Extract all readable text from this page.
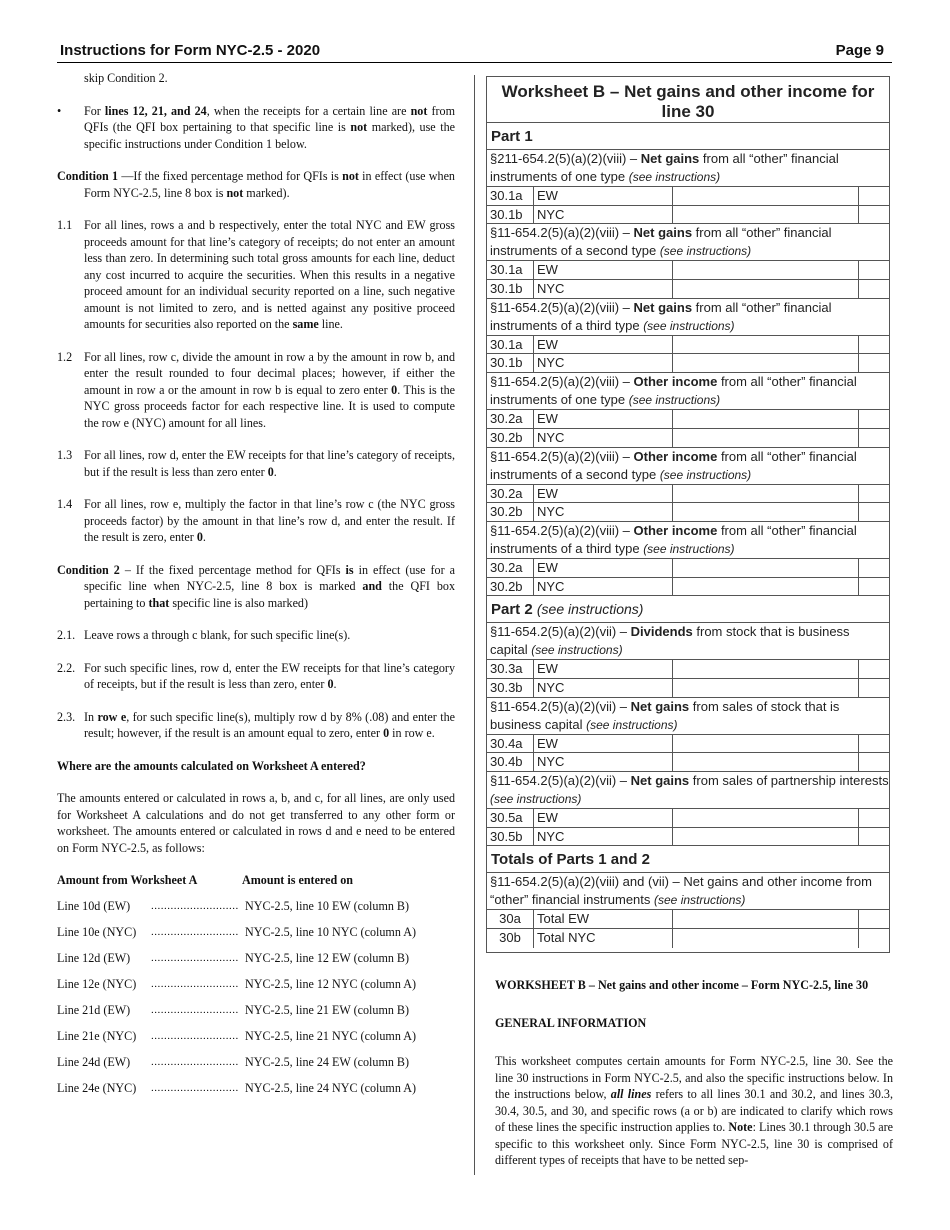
Instructions for Form NYC-2.5 - 2020	Page 9

skip Condition 2.

• For lines 12, 21, and 24, when the receipts for a certain line are not from QFIs (the QFI box pertaining to that specific line is not marked), use the specific instructions under Condition 1 below.

Condition 1 —If the fixed percentage method for QFIs is not in effect (use when Form NYC-2.5, line 8 box is not marked).

1.1 For all lines, rows a and b respectively, enter the total NYC and EW gross proceeds amount for that line’s category of receipts; do not enter an amount less than zero. In determining such total gross amounts for each line, deduct any cost incurred to acquire the securities. When this results in a negative proceed amount for an individual security reported on a line, such negative amount is not limited to zero, and is netted against any positive proceed amounts for securities also reported on the same line.

1.2 For all lines, row c, divide the amount in row a by the amount in row b, and enter the result rounded to four decimal places; however, if either the amount in row a or the amount in row b is equal to zero enter 0. This is the NYC gross proceeds factor for each respective line. It is used to compute the row e (NYC) amount for all lines.

1.3 For all lines, row d, enter the EW receipts for that line’s category of receipts, but if the result is less than zero enter 0.

1.4 For all lines, row e, multiply the factor in that line’s row c (the NYC gross proceeds factor) by the amount in that line’s row d, and enter the result. If the result is zero, enter 0.

Condition 2 – If the fixed percentage method for QFIs is in effect (use for a specific line when NYC-2.5, line 8 box is marked and the QFI box pertaining to that specific line is also marked)

2.1. Leave rows a through c blank, for such specific line(s).

2.2. For such specific lines, row d, enter the EW receipts for that line’s category of receipts, but if the result is less than zero, enter 0.

2.3. In row e, for such specific line(s), multiply row d by 8% (.08) and enter the result; however, if the result is an amount equal to zero, enter 0 in row e.

Where are the amounts calculated on Worksheet A entered?

The amounts entered or calculated in rows a, b, and c, for all lines, are only used for Worksheet A calculations and do not get transferred to any other form or worksheet. The amounts entered or calculated in rows d and e need to be entered on Form NYC-2.5, as follows:

Amount from Worksheet A	Amount is entered on
Line 10d (EW)	........................... NYC-2.5, line 10 EW (column B)
Line 10e (NYC)	........................... NYC-2.5, line 10 NYC (column A)
Line 12d (EW)	........................... NYC-2.5, line 12 EW (column B)
Line 12e (NYC)	........................... NYC-2.5, line 12 NYC (column A)
Line 21d (EW)	........................... NYC-2.5, line 21 EW (column B)
Line 21e (NYC)	........................... NYC-2.5, line 21 NYC (column A)
Line 24d (EW)	........................... NYC-2.5, line 24 EW (column B)
Line 24e (NYC)	........................... NYC-2.5, line 24 NYC (column A)
Worksheet B – Net gains and other income for line 30
Part 1
§211-654.2(5)(a)(2)(viii) – Net gains from all “other” financial instruments of one type (see instructions)
30.1a	EW
30.1b	NYC
§11-654.2(5)(a)(2)(viii) – Net gains from all “other” financial instruments of a second type (see instructions)
30.1a	EW
30.1b	NYC
§11-654.2(5)(a)(2)(viii) – Net gains from all “other” financial instruments of a third type (see instructions)
30.1a	EW
30.1b	NYC
§11-654.2(5)(a)(2)(viii) – Other income from all “other” financial instruments of one type (see instructions)
30.2a	EW
30.2b	NYC
§11-654.2(5)(a)(2)(viii) – Other income from all “other” financial instruments of a second type (see instructions)
30.2a	EW
30.2b	NYC
§11-654.2(5)(a)(2)(viii) – Other income from all “other” financial instruments of a third type (see instructions)
30.2a	EW
30.2b	NYC
Part 2 (see instructions)
§11-654.2(5)(a)(2)(vii) – Dividends from stock that is business capital (see instructions)
30.3a	EW
30.3b	NYC
§11-654.2(5)(a)(2)(vii) – Net gains from sales of stock that is business capital (see instructions)
30.4a	EW
30.4b	NYC
§11-654.2(5)(a)(2)(vii) – Net gains from sales of partnership interests (see instructions)
30.5a	EW
30.5b	NYC
Totals of Parts 1 and 2
§11-654.2(5)(a)(2)(viii) and (vii) – Net gains and other income from “other” financial instruments (see instructions)
30a	Total EW
30b	Total NYC

WORKSHEET B – Net gains and other income – Form NYC-2.5, line 30

GENERAL INFORMATION

This worksheet computes certain amounts for Form NYC-2.5, line 30. See the line 30 instructions in Form NYC-2.5, and also the specific instructions below. In the instructions below, all lines refers to all lines 30.1 and 30.2, and lines 30.3, 30.4, 30.5, and 30, and specific rows (a or b) are indicated to clarify which rows of these lines the specific instruction applies to. Note: Lines 30.1 through 30.5 are specific to this worksheet only. Since Form NYC-2.5, line 30 is comprised of different types of receipts that have to be netted sep-
